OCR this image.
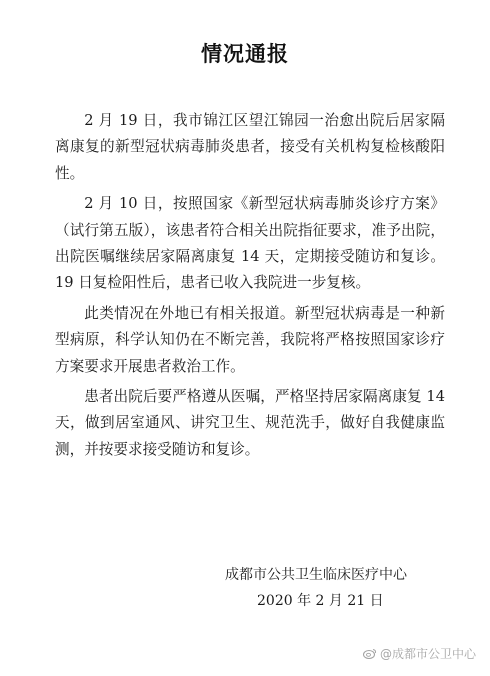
情况通报

2 月 19 日，我市锦江区望江锦园一治愈出院后居家隔离康复的新型冠状病毒肺炎患者，接受有关机构复检核酸阳性。

2 月 10 日，按照国家《新型冠状病毒肺炎诊疗方案》（试行第五版），该患者符合相关出院指征要求，准予出院，出院医嘱继续居家隔离康复 14 天，定期接受随访和复诊。19 日复检阳性后，患者已收入我院进一步复核。

此类情况在外地已有相关报道。新型冠状病毒是一种新型病原，科学认知仍在不断完善，我院将严格按照国家诊疗方案要求开展患者救治工作。

患者出院后要严格遵从医嘱，严格坚持居家隔离康复 14 天，做到居室通风、讲究卫生、规范洗手，做好自我健康监测，并按要求接受随访和复诊。

成都市公共卫生临床医疗中心
2020 年 2 月 21 日
@成都市公卫中心
